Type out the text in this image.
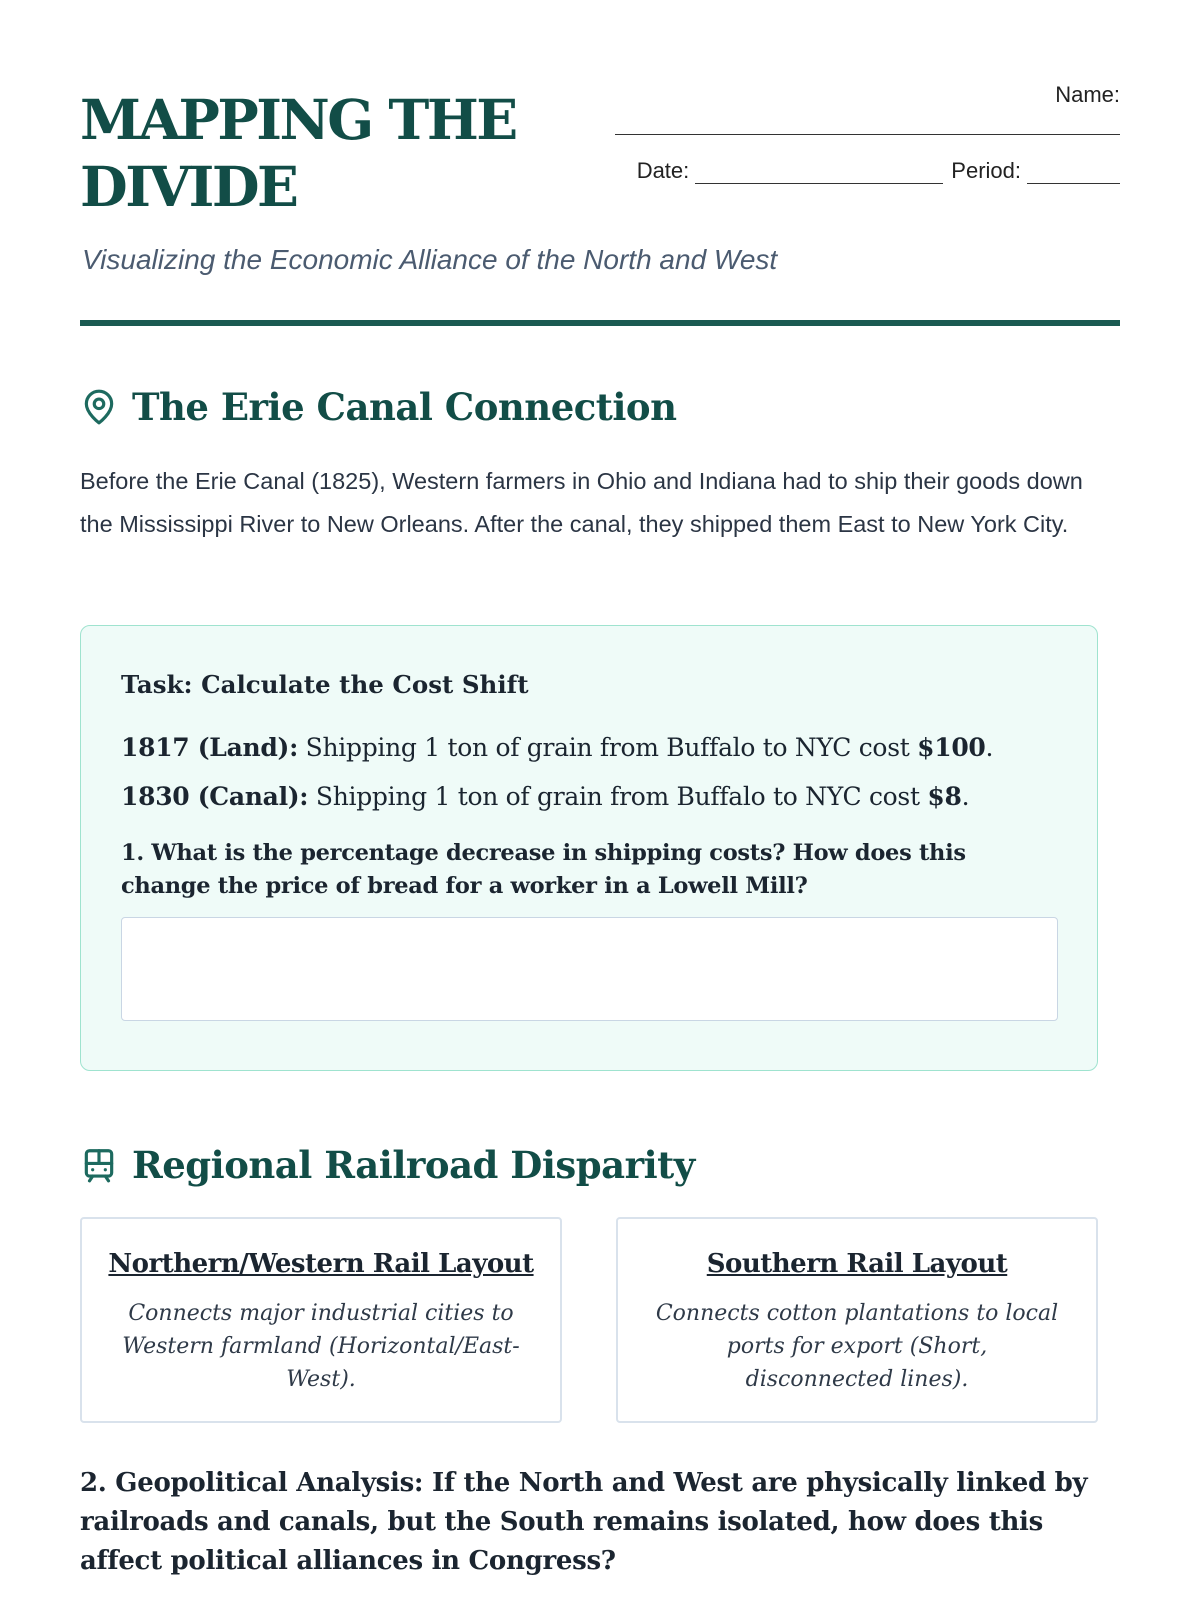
MAPPING THE DIVIDE
Name:
Date:	Period:
Visualizing the Economic Alliance of the North and West
The Erie Canal Connection

Before the Erie Canal (1825), Western farmers in Ohio and Indiana had to ship their goods down the Mississippi River to New Orleans. After the canal, they shipped them East to New York City.

Task: Calculate the Cost Shift
1817 (Land): Shipping 1 ton of grain from Buffalo to NYC cost $100.
1830 (Canal): Shipping 1 ton of grain from Buffalo to NYC cost $8.
1. What is the percentage decrease in shipping costs? How does this change the price of bread for a worker in a Lowell Mill?
Regional Railroad Disparity
Northern/Western Rail Layout

Connects major industrial cities to Western farmland (Horizontal/East-West).

Southern Rail Layout

Connects cotton plantations to local ports for export (Short, disconnected lines).

2. Geopolitical Analysis: If the North and West are physically linked by railroads and canals, but the South remains isolated, how does this affect political alliances in Congress?
